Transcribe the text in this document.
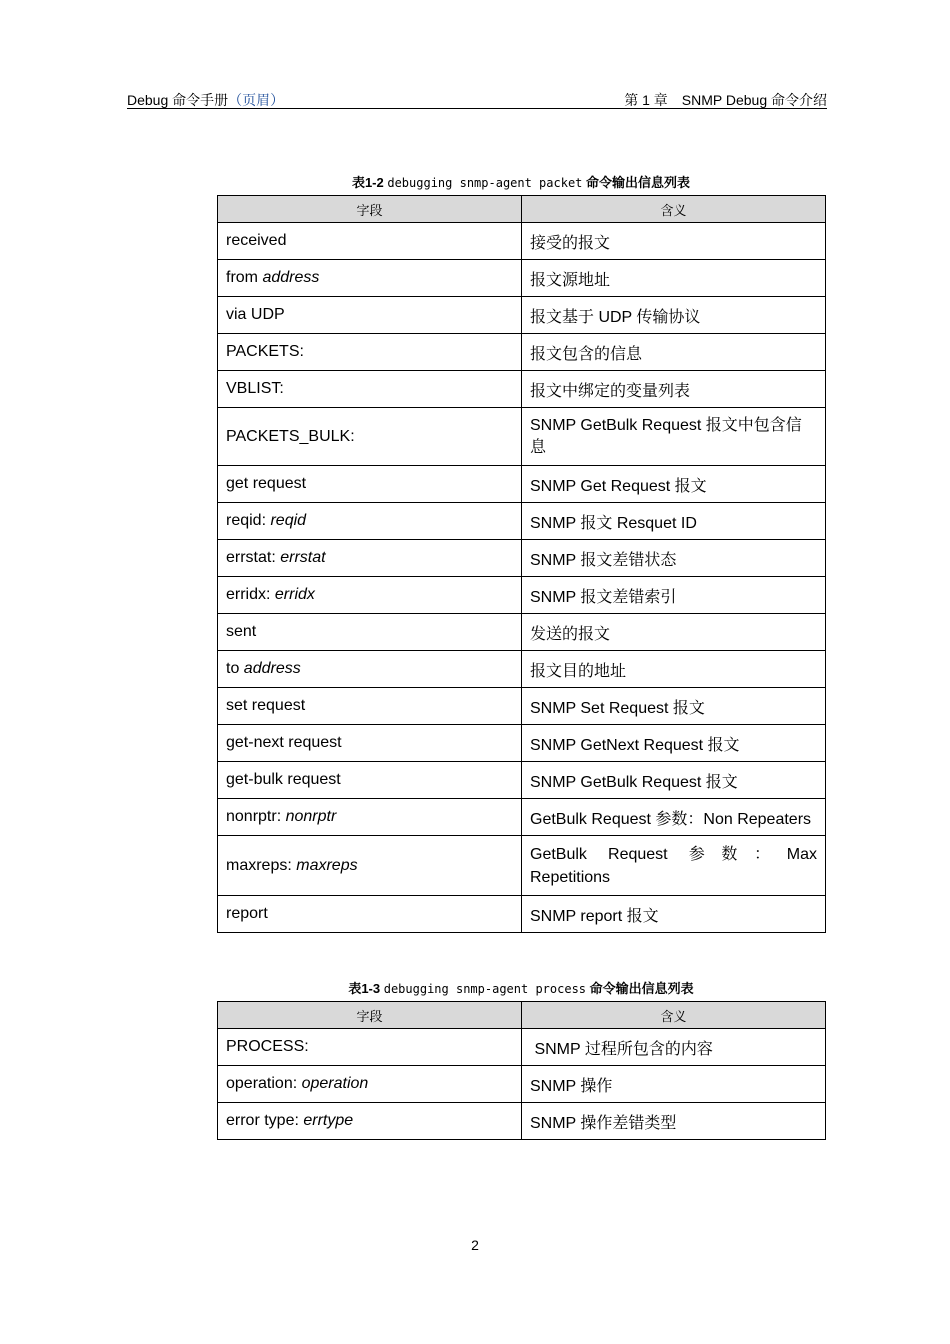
Debug 命令手册（页眉）	第 1 章　SNMP Debug 命令介绍
表1-2 debugging snmp-agent packet 命令输出信息列表
字段	含义
received	接受的报文
from address	报文源地址
via UDP	报文基于 UDP 传输协议
PACKETS:	报文包含的信息
VBLIST:	报文中绑定的变量列表
PACKETS_BULK:	SNMP GetBulk Request 报文中包含信息
get request	SNMP Get Request 报文
reqid: reqid	SNMP 报文 Resquet ID
errstat: errstat	SNMP 报文差错状态
erridx: erridx	SNMP 报文差错索引
sent	发送的报文
to address	报文目的地址
set request	SNMP Set Request 报文
get-next request	SNMP GetNext Request 报文
get-bulk request	SNMP GetBulk Request 报文
nonrptr: nonrptr	GetBulk Request 参数：Non Repeaters
maxreps: maxreps	GetBulk Request 参数：Max Repetitions
report	SNMP report 报文
表1-3 debugging snmp-agent process 命令输出信息列表
字段	含义
PROCESS:	SNMP 过程所包含的内容
operation: operation	SNMP 操作
error type: errtype	SNMP 操作差错类型
2
